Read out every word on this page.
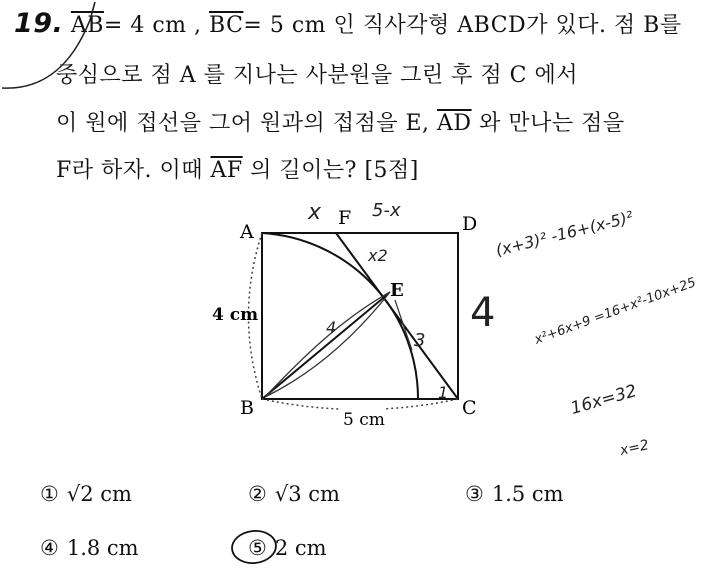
19. $\overline{AB}= 4$ cm , $\overline{BC}= 5$ cm 인 직사각형 ABCD가 있다. 점 B를
중심으로 점 A 를 지나는 사분원을 그린 후 점 C 에서
이 원에 접선을 그어 원과의 접점을 E, $\overline{AD}$ 와 만나는 점을
F라 하자. 이때 $\overline{AF}$ 의 길이는? [5점]
A	D
B	C
F
E
4 cm
5 cm
x	5-x
x2
4
3
1
4
(x+3)² -16+(x-5)²
x²+6x+9 =16+x²-10x+25
16x=32
x=2
① √2 cm	② √3 cm	③ 1.5 cm
④ 1.8 cm	⑤ 2 cm
